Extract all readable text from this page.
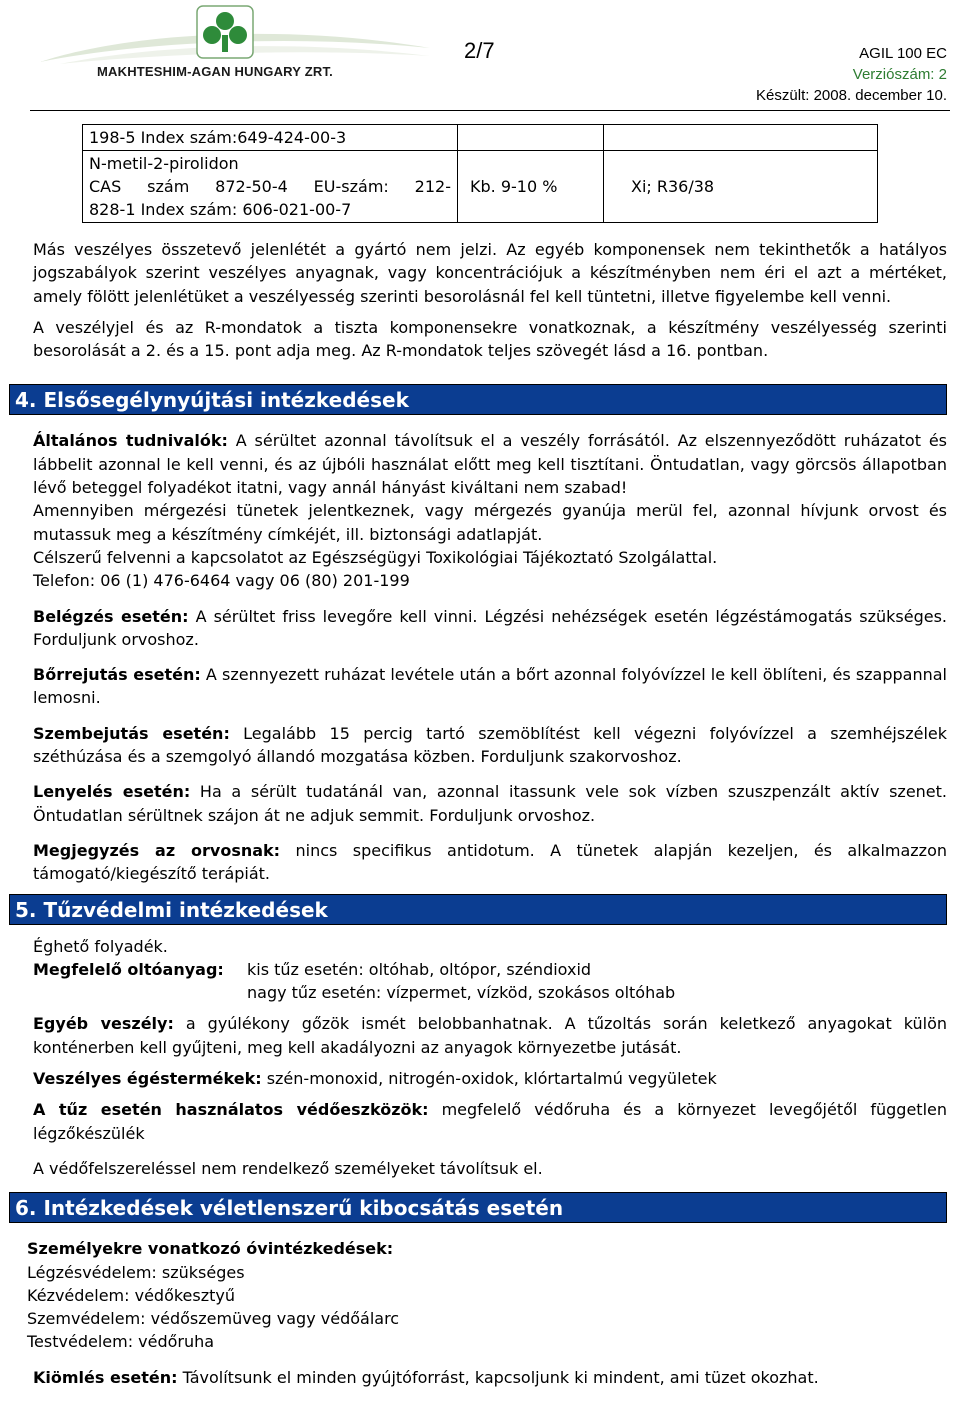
MAKHTESHIM-AGAN HUNGARY ZRT.
2/7	AGIL 100 EC
Verziószám: 2
Készült: 2008. december 10.
198-5 Index szám:649-424-00-3		

N-metil-2-pirolidon
CAS szám 872-50-4 EU-szám: 212-
828-1 Index szám: 606-021-00-7	Kb. 9-10 %	Xi; R36/38

Más veszélyes összetevő jelenlétét a gyártó nem jelzi. Az egyéb komponensek nem tekinthetők a hatályos jogszabályok szerint veszélyes anyagnak, vagy koncentrációjuk a készítményben nem éri el azt a mértéket, amely fölött jelenlétüket a veszélyesség szerinti besorolásnál fel kell tüntetni, illetve figyelembe kell venni.

A veszélyjel és az R-mondatok a tiszta komponensekre vonatkoznak, a készítmény veszélyesség szerinti besorolását a 2. és a 15. pont adja meg. Az R-mondatok teljes szövegét lásd a 16. pontban.

4. Elsősegélynyújtási intézkedések

Általános tudnivalók: A sérültet azonnal távolítsuk el a veszély forrásától. Az elszennyeződött ruházatot és lábbelit azonnal le kell venni, és az újbóli használat előtt meg kell tisztítani. Öntudatlan, vagy görcsös állapotban lévő beteggel folyadékot itatni, vagy annál hányást kiváltani nem szabad!

Amennyiben mérgezési tünetek jelentkeznek, vagy mérgezés gyanúja merül fel, azonnal hívjunk orvost és mutassuk meg a készítmény címkéjét, ill. biztonsági adatlapját.

Célszerű felvenni a kapcsolatot az Egészségügyi Toxikológiai Tájékoztató Szolgálattal.

Telefon: 06 (1) 476-6464 vagy 06 (80) 201-199

Belégzés esetén: A sérültet friss levegőre kell vinni. Légzési nehézségek esetén légzéstámogatás szükséges. Forduljunk orvoshoz.

Bőrrejutás esetén: A szennyezett ruházat levétele után a bőrt azonnal folyóvízzel le kell öblíteni, és szappannal lemosni.

Szembejutás esetén: Legalább 15 percig tartó szemöblítést kell végezni folyóvízzel a szemhéjszélek széthúzása és a szemgolyó állandó mozgatása közben. Forduljunk szakorvoshoz.

Lenyelés esetén: Ha a sérült tudatánál van, azonnal itassunk vele sok vízben szuszpenzált aktív szenet. Öntudatlan sérültnek szájon át ne adjuk semmit. Forduljunk orvoshoz.

Megjegyzés az orvosnak: nincs specifikus antidotum. A tünetek alapján kezeljen, és alkalmazzon támogató/kiegészítő terápiát.

5. Tűzvédelmi intézkedések

Éghető folyadék.

Megfelelő oltóanyag:	kis tűz esetén: oltóhab, oltópor, széndioxid
nagy tűz esetén: vízpermet, vízköd, szokásos oltóhab

Egyéb veszély: a gyúlékony gőzök ismét belobbanhatnak. A tűzoltás során keletkező anyagokat külön konténerben kell gyűjteni, meg kell akadályozni az anyagok környezetbe jutását.

Veszélyes égéstermékek: szén-monoxid, nitrogén-oxidok, klórtartalmú vegyületek

A tűz esetén használatos védőeszközök: megfelelő védőruha és a környezet levegőjétől független légzőkészülék

A védőfelszereléssel nem rendelkező személyeket távolítsuk el.

6. Intézkedések véletlenszerű kibocsátás esetén

Személyekre vonatkozó óvintézkedések:

Légzésvédelem: szükséges
Kézvédelem: védőkesztyű
Szemvédelem: védőszemüveg vagy védőálarc
Testvédelem: védőruha

Kiömlés esetén: Távolítsunk el minden gyújtóforrást, kapcsoljunk ki mindent, ami tüzet okozhat.
